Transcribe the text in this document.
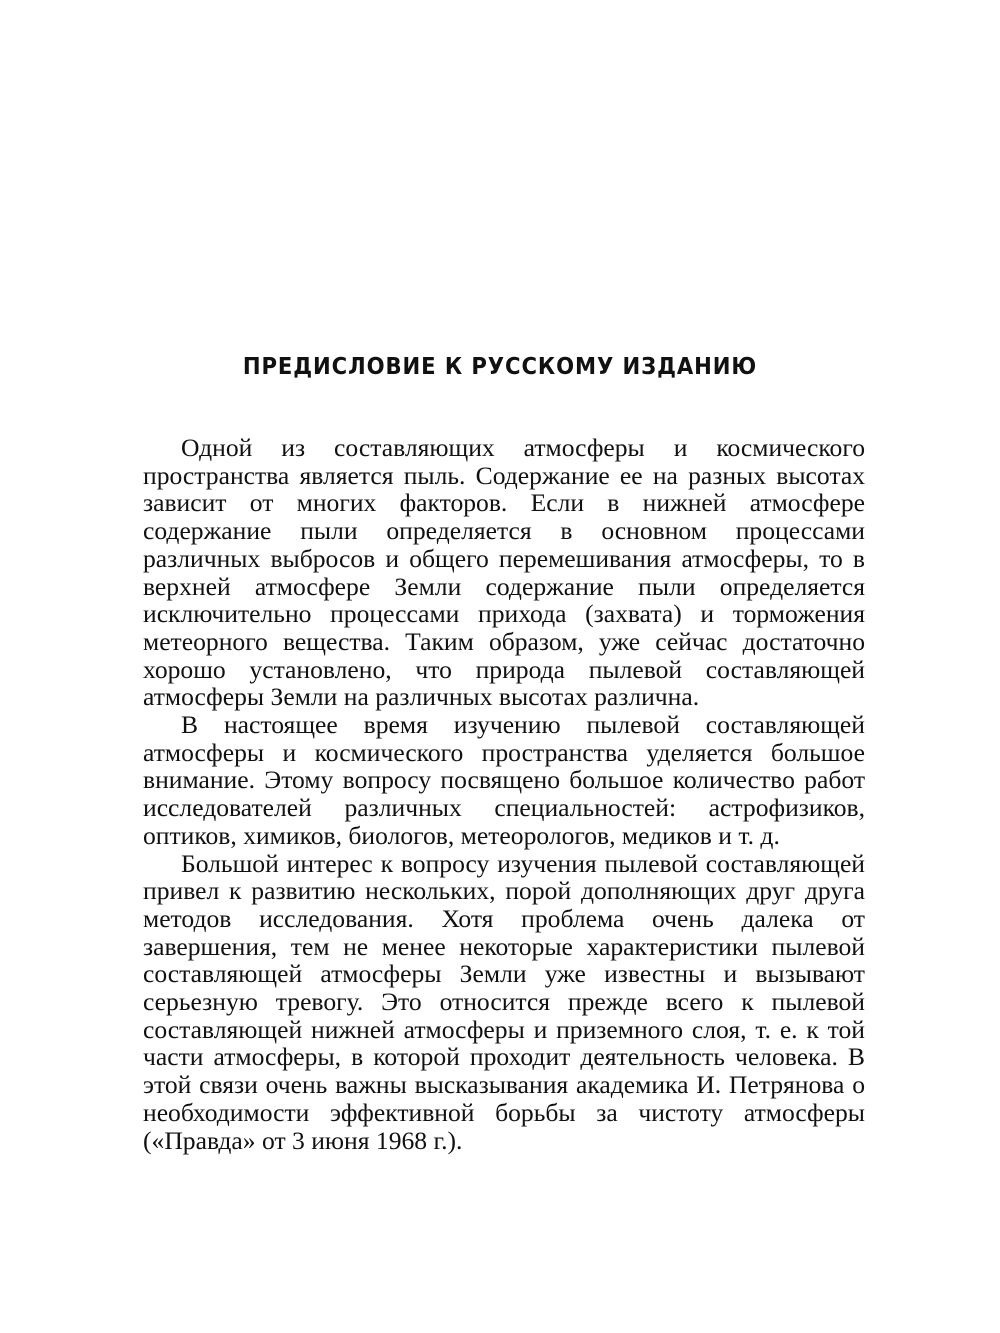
ПРЕДИСЛОВИЕ К РУССКОМУ ИЗДАНИЮ

Одной из составляющих атмосферы и космического пространства является пыль. Содержание ее на разных высотах зависит от многих факторов. Если в нижней атмосфере содержание пыли определяется в основном процессами различных выбросов и общего перемешивания атмосферы, то в верхней атмосфере Земли содержание пыли определяется исключительно процессами прихода (захвата) и торможения метеорного вещества. Таким образом, уже сейчас достаточно хорошо установлено, что природа пылевой составляющей атмосферы Земли на различных высотах различна.

В настоящее время изучению пылевой составляющей атмосферы и космического пространства уделяется большое внимание. Этому вопросу посвящено большое количество работ исследователей различных специальностей: астрофизиков, оптиков, химиков, биологов, метеорологов, медиков и т. д.

Большой интерес к вопросу изучения пылевой составляющей привел к развитию нескольких, порой дополняющих друг друга методов исследования. Хотя проблема очень далека от завершения, тем не менее некоторые характеристики пылевой составляющей атмосферы Земли уже известны и вызывают серьезную тревогу. Это относится прежде всего к пылевой составляющей нижней атмосферы и приземного слоя, т. е. к той части атмосферы, в которой проходит деятельность человека. В этой связи очень важны высказывания академика И. Петрянова о необходимости эффективной борьбы за чистоту атмосферы («Правда» от 3 июня 1968 г.).
